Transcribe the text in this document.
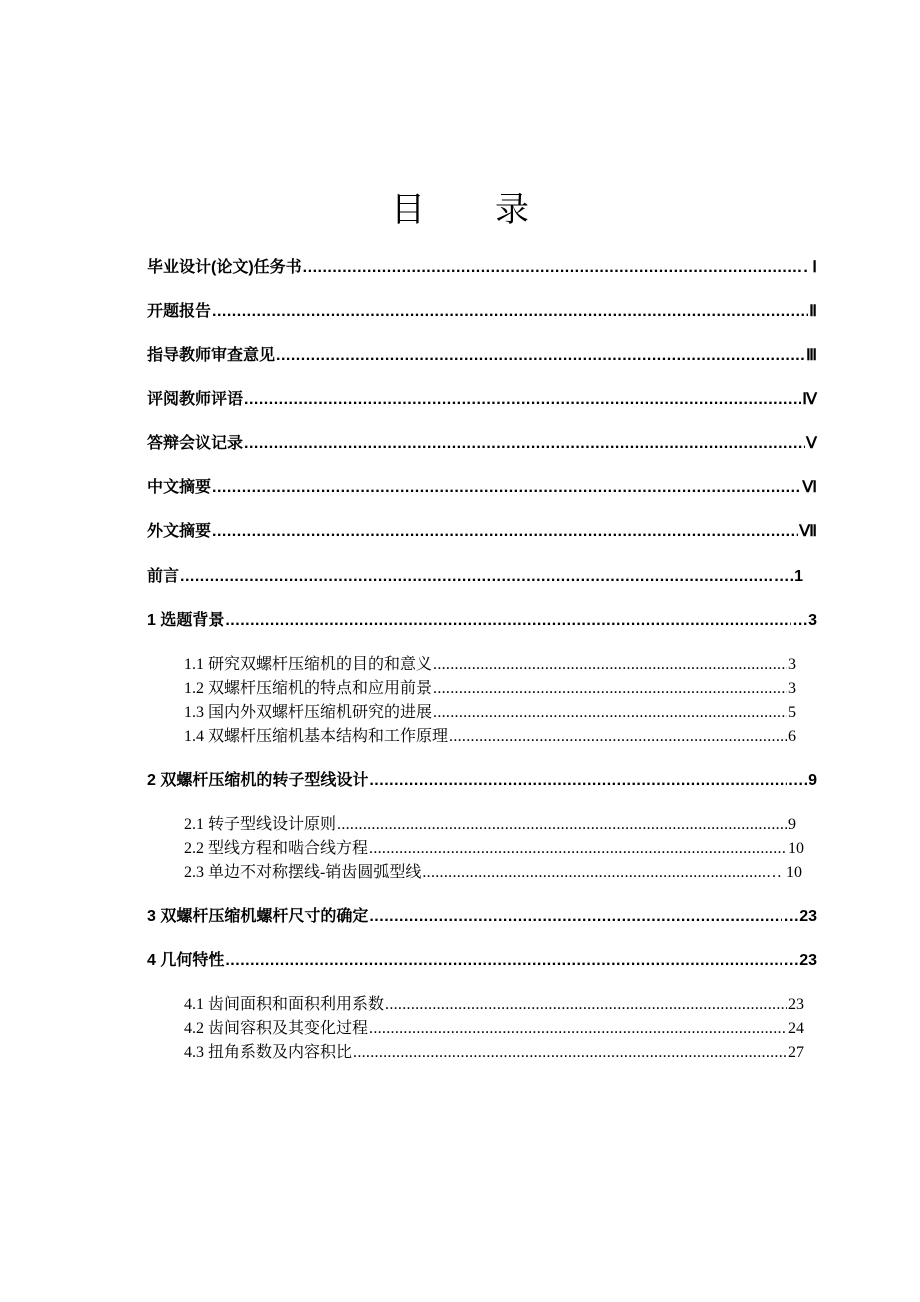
目 录
毕业设计(论文)任务书 .....	. Ⅰ
开题报告 .....	Ⅱ
指导教师审查意见 .....	Ⅲ
评阅教师评语 .....	Ⅳ
答辩会议记录 .....	Ⅴ
中文摘要 .....	Ⅵ
外文摘要 .....	Ⅶ
前言 .....	….1
1 选题背景 .....	…3
1.1 研究双螺杆压缩机的目的和意义 .....	3
1.2 双螺杆压缩机的特点和应用前景 .....	3
1.3 国内外双螺杆压缩机研究的进展 .....	5
1.4 双螺杆压缩机基本结构和工作原理 .....	6
2 双螺杆压缩机的转子型线设计 .....	….9
2.1 转子型线设计原则 .....	9
2.2 型线方程和啮合线方程 .....	10
2.3 单边不对称摆线-销齿圆弧型线 .....	… 10
3 双螺杆压缩机螺杆尺寸的确定 .....	…23
4 几何特性 .....	…23
4.1 齿间面积和面积利用系数 .....	23
4.2 齿间容积及其变化过程 .....	24
4.3 扭角系数及内容积比 .....	27
